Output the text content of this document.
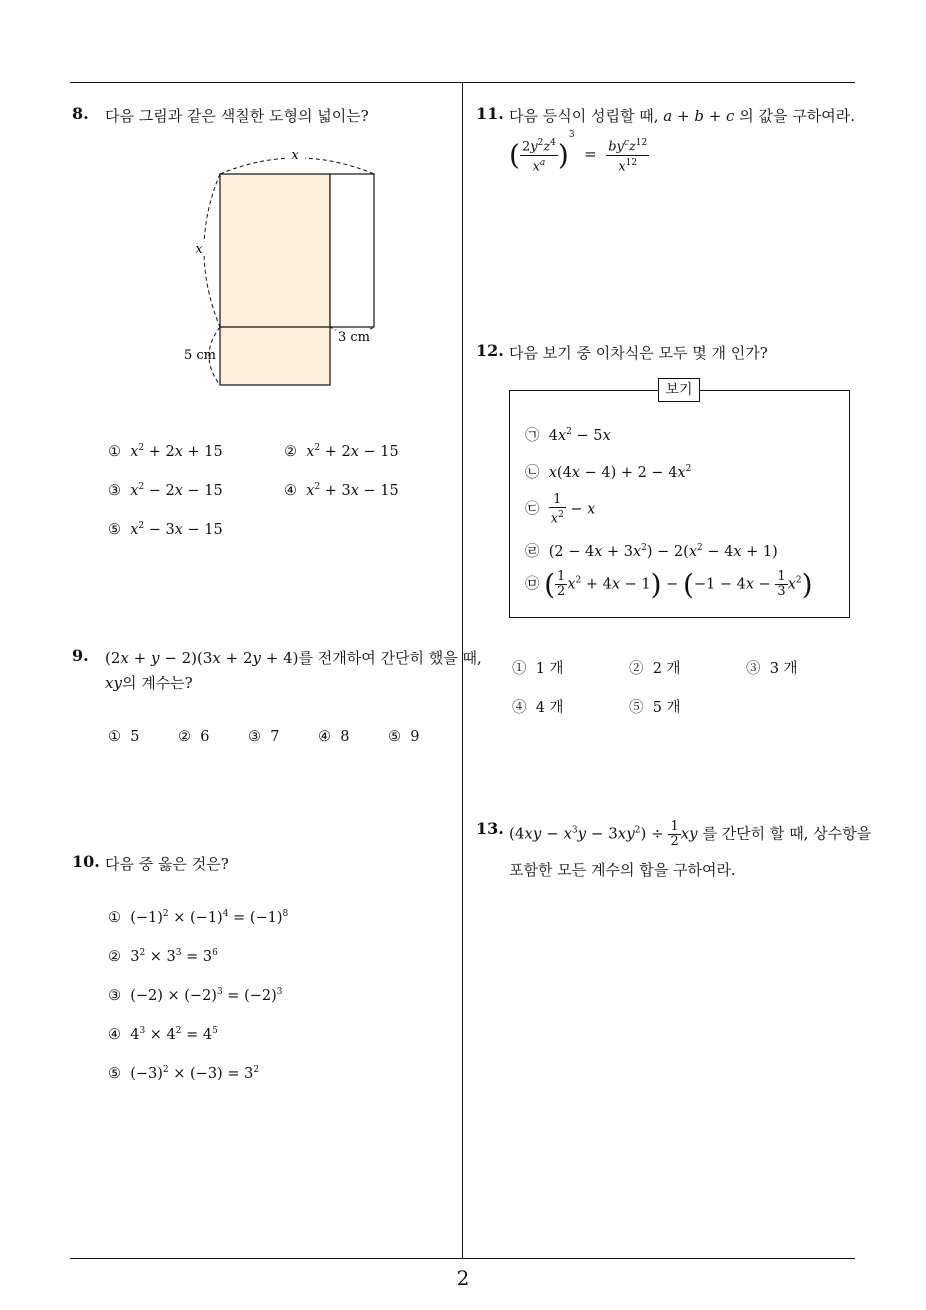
8. 다음 그림과 같은 색칠한 도형의 넓이는?
x
x
3 cm
5 cm
① $x^2 + 2x + 15$	② $x^2 + 2x - 15$
③ $x^2 - 2x - 15$	④ $x^2 + 3x - 15$
⑤ $x^2 - 3x - 15$
9. (2x + y − 2)(3x + 2y + 4)를 전개하여 간단히 했을 때,
xy의 계수는?
① 5	② 6	③ 7	④ 8	⑤ 9
10. 다음 중 옳은 것은?
①  $(-1)^2 \times (-1)^4 = (-1)^8$
②  $3^2 \times 3^3 = 3^6$
③  $(-2) \times (-2)^3 = (-2)^3$
④  $4^3 \times 4^2 = 4^5$
⑤  $(-3)^2 \times (-3) = 3^2$
11. 다음 등식이 성립할 때, a + b + c 의 값을 구하여라.
( $\frac{2y^2z^4}{x^a} )^3 = \frac{by^cz^{12}}{x^{12}}$
12. 다음 보기 중 이차식은 모두 몇 개 인가?
보기
㉠  $4x^2 - 5x$
㉡ $x(4x - 4) + 2 - 4x^2$
㉢ $\frac{1}{x^2} - x$
㉣  $(2 - 4x + 3x^2) - 2(x^2 - 4x + 1)$
㉤ ( $\frac{1}{2} x^2 + 4x - 1) - (-1 - 4x - \frac{1}{3} x^2)$
① 1 개	② 2 개	③ 3 개
④ 4 개	⑤ 5 개
13. $(4xy - x^3y - 3xy^2) \div \frac{1}{2}$ xy 를 간단히 할 때, 상수항을
포함한 모든 계수의 합을 구하여라.
2
